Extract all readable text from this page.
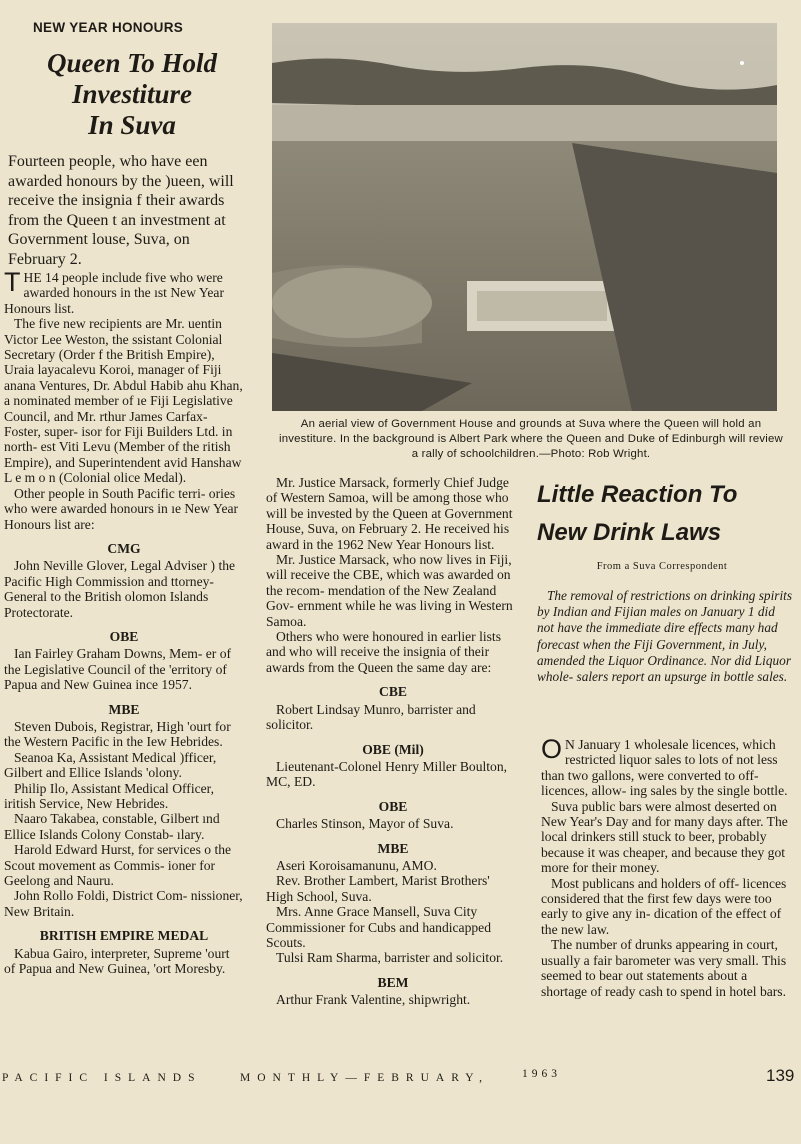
NEW YEAR HONOURS
Queen To Hold
Investiture
In Suva
Fourteen people, who have een awarded honours by the )ueen, will receive the insignia f their awards from the Queen t an investment at Government louse, Suva, on February 2.

THE 14 people include five who were awarded honours in the ıst New Year Honours list.

The five new recipients are Mr. uentin Victor Lee Weston, the ssistant Colonial Secretary (Order f the British Empire), Uraia layacalevu Koroi, manager of Fiji anana Ventures, Dr. Abdul Habib ahu Khan, a nominated member of ıe Fiji Legislative Council, and Mr. rthur James Carfax-Foster, super- isor for Fiji Builders Ltd. in north- est Viti Levu (Member of the ritish Empire), and Superintendent avid Hanshaw L e m o n (Colonial olice Medal).

Other people in South Pacific terri- ories who were awarded honours in ıe New Year Honours list are:

CMG

John Neville Glover, Legal Adviser ) the Pacific High Commission and ttorney-General to the British olomon Islands Protectorate.

OBE

Ian Fairley Graham Downs, Mem- er of the Legislative Council of the 'erritory of Papua and New Guinea ince 1957.

MBE

Steven Dubois, Registrar, High 'ourt for the Western Pacific in the Iew Hebrides.

Seanoa Ka, Assistant Medical )fficer, Gilbert and Ellice Islands 'olony.

Philip Ilo, Assistant Medical Officer, iritish Service, New Hebrides.

Naaro Takabea, constable, Gilbert ınd Ellice Islands Colony Constab- ılary.

Harold Edward Hurst, for services o the Scout movement as Commis- ioner for Geelong and Nauru.

John Rollo Foldi, District Com- nissioner, New Britain.

BRITISH EMPIRE MEDAL

Kabua Gairo, interpreter, Supreme 'ourt of Papua and New Guinea, 'ort Moresby.

An aerial view of Government House and grounds at Suva where the Queen will hold an investiture. In the background is Albert Park where the Queen and Duke of Edinburgh will review a rally of schoolchildren.—Photo: Rob Wright.

Mr. Justice Marsack, formerly Chief Judge of Western Samoa, will be among those who will be invested by the Queen at Government House, Suva, on February 2. He received his award in the 1962 New Year Honours list.

Mr. Justice Marsack, who now lives in Fiji, will receive the CBE, which was awarded on the recom- mendation of the New Zealand Gov- ernment while he was living in Western Samoa.

Others who were honoured in earlier lists and who will receive the insignia of their awards from the Queen the same day are:

CBE

Robert Lindsay Munro, barrister and solicitor.

OBE (Mil)

Lieutenant-Colonel Henry Miller Boulton, MC, ED.

OBE

Charles Stinson, Mayor of Suva.

MBE

Aseri Koroisamanunu, AMO.

Rev. Brother Lambert, Marist Brothers' High School, Suva.

Mrs. Anne Grace Mansell, Suva City Commissioner for Cubs and handicapped Scouts.

Tulsi Ram Sharma, barrister and solicitor.

BEM

Arthur Frank Valentine, shipwright.

Little Reaction To
New Drink Laws
From a Suva Correspondent
The removal of restrictions on drinking spirits by Indian and Fijian males on January 1 did not have the immediate dire effects many had forecast when the Fiji Government, in July, amended the Liquor Ordinance. Nor did Liquor whole- salers report an upsurge in bottle sales.

O N January 1 wholesale licences, which restricted liquor sales to lots of not less than two gallons, were converted to off-licences, allow- ing sales by the single bottle.

Suva public bars were almost deserted on New Year's Day and for many days after. The local drinkers still stuck to beer, probably because it was cheaper, and because they got more for their money.

Most publicans and holders of off- licences considered that the first few days were too early to give any in- dication of the effect of the new law.

The number of drunks appearing in court, usually a fair barometer was very small. This seemed to bear out statements about a shortage of ready cash to spend in hotel bars.

PACIFIC ISLANDS	MONTHLY—FEBRUARY,	1963	139
